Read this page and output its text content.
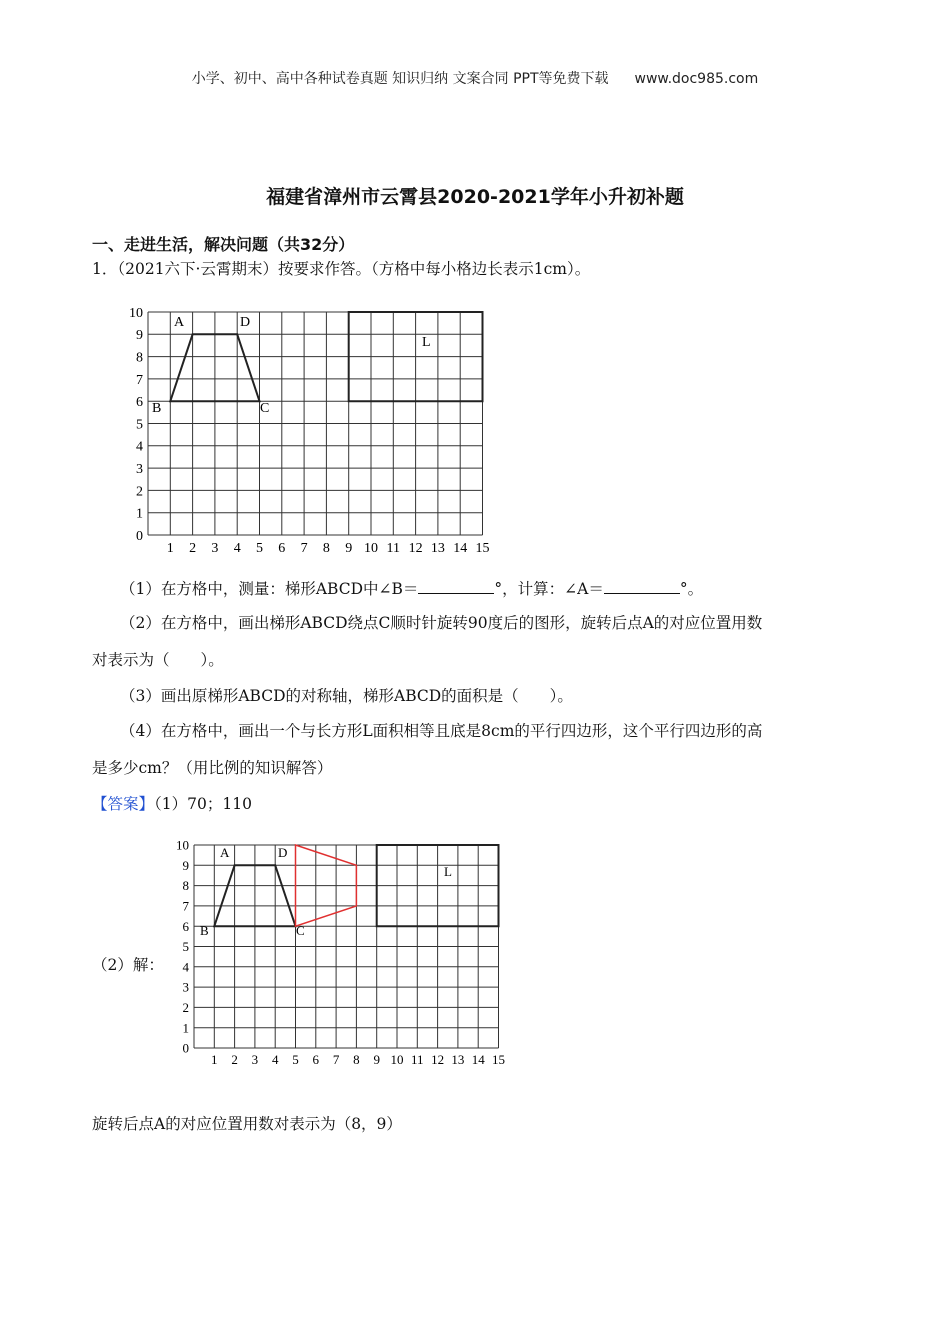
小学、初中、高中各种试卷真题 知识归纳 文案合同 PPT等免费下载 www.doc985.com
福建省漳州市云霄县2020-2021学年小升初补题
一、走进生活，解决问题（共32分）
1．（2021六下·云霄期末）按要求作答。（方格中每小格边长表示1cm）。
1 2 3 4 5 6 7 8 9 10 11 12 13 14 15
0
1
2
3
4
5
6
7
8
9
10
A	D
B	C
L
（1）在方格中，测量：梯形ABCD中∠B＝	°，计算：∠A＝	°。
（2）在方格中，画出梯形ABCD绕点C顺时针旋转90度后的图形，旋转后点A的对应位置用数
对表示为（　　）。
（3）画出原梯形ABCD的对称轴，梯形ABCD的面积是（　　）。
（4）在方格中，画出一个与长方形L面积相等且底是8cm的平行四边形，这个平行四边形的高
是多少cm？（用比例的知识解答）
【答案】（1）70；110
（2）解：
1 2 3 4 5 6 7 8 9 10 11 12 13 14 15
0
1
2
3
4
5
6
7
8
9
10 A	D
B	C
L
旋转后点A的对应位置用数对表示为（8，9）
